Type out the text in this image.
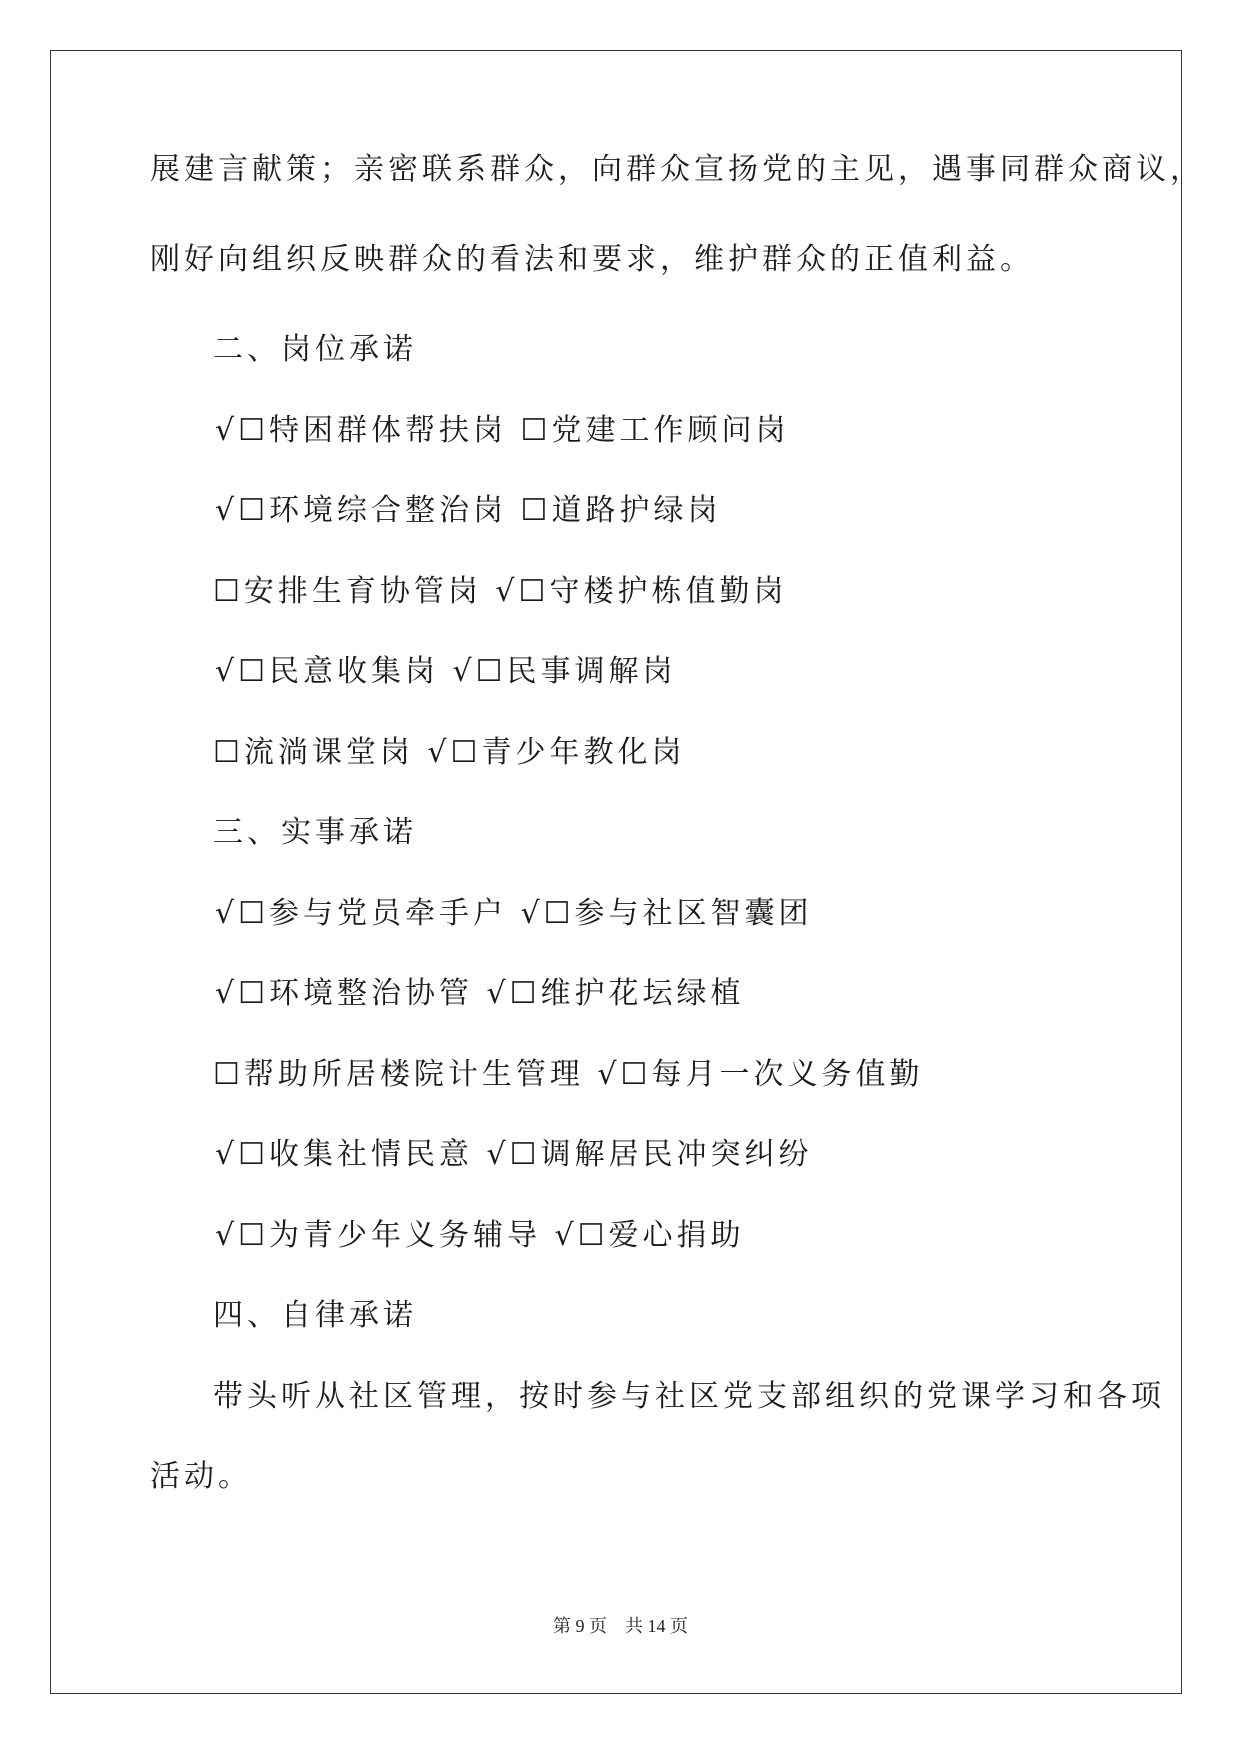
展建言献策；亲密联系群众，向群众宣扬党的主见，遇事同群众商议，

刚好向组织反映群众的看法和要求，维护群众的正值利益。

二、岗位承诺

√☐特困群体帮扶岗 ☐党建工作顾问岗

√☐环境综合整治岗 ☐道路护绿岗

☐安排生育协管岗 √☐守楼护栋值勤岗

√☐民意收集岗 √☐民事调解岗

☐流淌课堂岗 √☐青少年教化岗

三、实事承诺

√☐参与党员牵手户 √☐参与社区智囊团

√☐环境整治协管 √☐维护花坛绿植

☐帮助所居楼院计生管理 √☐每月一次义务值勤

√☐收集社情民意 √☐调解居民冲突纠纷

√☐为青少年义务辅导 √☐爱心捐助

四、自律承诺

带头听从社区管理，按时参与社区党支部组织的党课学习和各项

活动。

第 9 页　共 14 页
